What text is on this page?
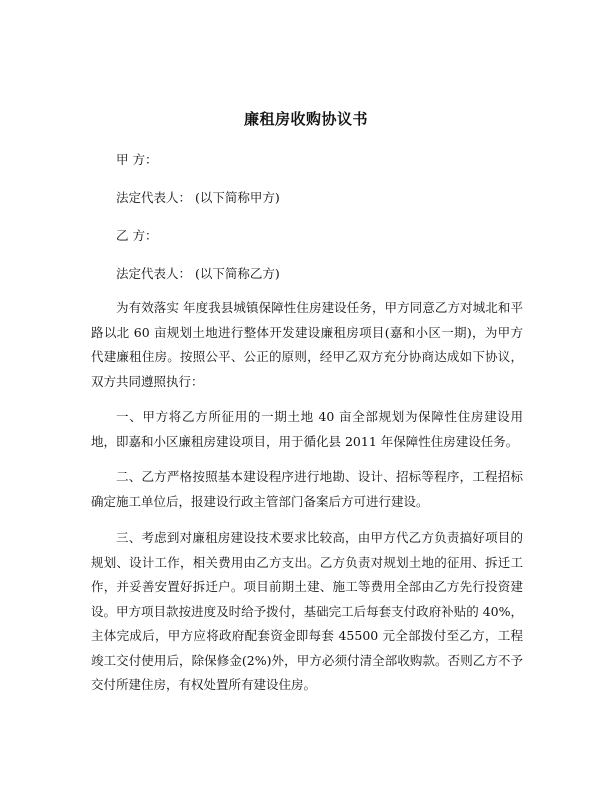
廉租房收购协议书
甲 方：
法定代表人： (以下简称甲方)
乙 方：
法定代表人： (以下简称乙方)
为有效落实 年度我县城镇保障性住房建设任务，甲方同意乙方对城北和平路以北 60 亩规划土地进行整体开发建设廉租房项目(嘉和小区一期)，为甲方代建廉租住房。按照公平、公正的原则，经甲乙双方充分协商达成如下协议，双方共同遵照执行：
一、甲方将乙方所征用的一期土地 40 亩全部规划为保障性住房建设用地，即嘉和小区廉租房建设项目，用于循化县 2011 年保障性住房建设任务。
二、乙方严格按照基本建设程序进行地勘、设计、招标等程序，工程招标确定施工单位后，报建设行政主管部门备案后方可进行建设。
三、考虑到对廉租房建设技术要求比较高，由甲方代乙方负责搞好项目的规划、设计工作，相关费用由乙方支出。乙方负责对规划土地的征用、拆迁工作，并妥善安置好拆迁户。项目前期土建、施工等费用全部由乙方先行投资建设。甲方项目款按进度及时给予拨付，基础完工后每套支付政府补贴的 40%，主体完成后，甲方应将政府配套资金即每套 45500 元全部拨付至乙方，工程竣工交付使用后，除保修金(2%)外，甲方必须付清全部收购款。否则乙方不予交付所建住房，有权处置所有建设住房。
